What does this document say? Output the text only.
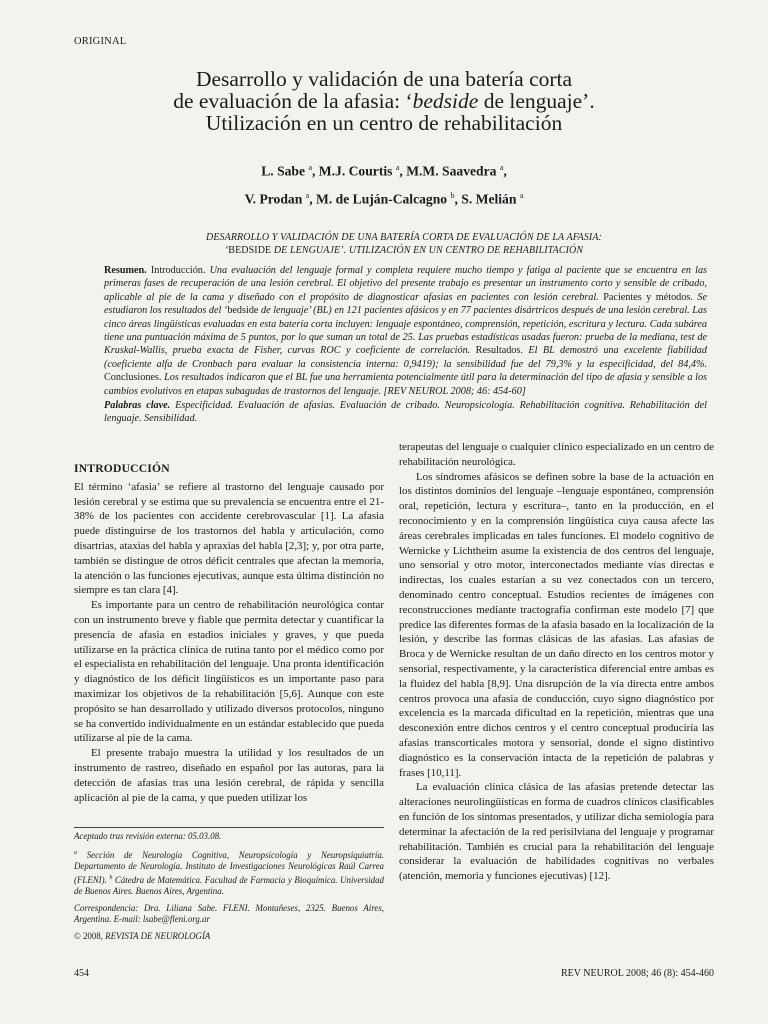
ORIGINAL
Desarrollo y validación de una batería corta
de evaluación de la afasia: ‘bedside de lenguaje’.
Utilización en un centro de rehabilitación
L. Sabe $^a$, M.J. Courtis $^a$, M.M. Saavedra $^a$,
V. Prodan $^a$, M. de Luján-Calcagno $^b$, S. Melián $^a$
DESARROLLO Y VALIDACIÓN DE UNA BATERÍA CORTA DE EVALUACIÓN DE LA AFASIA:
‘BEDSIDE DE LENGUAJE’. UTILIZACIÓN EN UN CENTRO DE REHABILITACIÓN

Resumen. Introducción. Una evaluación del lenguaje formal y completa requiere mucho tiempo y fatiga al paciente que se encuentra en las primeras fases de recuperación de una lesión cerebral. El objetivo del presente trabajo es presentar un instrumento corto y sensible de cribado, aplicable al pie de la cama y diseñado con el propósito de diagnosticar afasias en pacientes con lesión cerebral. Pacientes y métodos. Se estudiaron los resultados del ‘bedside de lenguaje’ (BL) en 121 pacientes afásicos y en 77 pacientes disártricos después de una lesión cerebral. Las cinco áreas lingüísticas evaluadas en esta batería corta incluyen: lenguaje espontáneo, comprensión, repetición, escritura y lectura. Cada subárea tiene una puntuación máxima de 5 puntos, por lo que suman un total de 25. Las pruebas estadísticas usadas fueron: prueba de la mediana, test de Kruskal-Wallis, prueba exacta de Fisher, curvas ROC y coeficiente de correlación. Resultados. El BL demostró una excelente fiabilidad (coeficiente alfa de Cronbach para evaluar la consistencia interna: 0,9419); la sensibilidad fue del 79,3% y la especificidad, del 84,4%. Conclusiones. Los resultados indicaron que el BL fue una herramienta potencialmente útil para la determinación del tipo de afasia y sensible a los cambios evolutivos en etapas subagudas de trastornos del lenguaje. [REV NEUROL 2008; 46: 454-60]

Palabras clave. Especificidad. Evaluación de afasias. Evaluación de cribado. Neuropsicología. Rehabilitación cognitiva. Rehabilitación del lenguaje. Sensibilidad.

INTRODUCCIÓN

El término ‘afasia’ se refiere al trastorno del lenguaje causado por lesión cerebral y se estima que su prevalencia se encuentra entre el 21-38% de los pacientes con accidente cerebrovascular [1]. La afasia puede distinguirse de los trastornos del habla y articulación, como disartrias, ataxias del habla y apraxias del habla [2,3]; y, por otra parte, también se distingue de otros déficit centrales que afectan la memoria, la atención o las funciones ejecutivas, aunque esta última distinción no siempre es tan clara [4].

Es importante para un centro de rehabilitación neurológica contar con un instrumento breve y fiable que permita detectar y cuantificar la presencia de afasia en estadios iniciales y graves, y que pueda utilizarse en la práctica clínica de rutina tanto por el médico como por el especialista en rehabilitación del lenguaje. Una pronta identificación y diagnóstico de los déficit lingüísticos es un importante paso para maximizar los objetivos de la rehabilitación [5,6]. Aunque con este propósito se han desarrollado y utilizado diversos protocolos, ninguno se ha convertido individualmente en un estándar establecido que pueda utilizarse al pie de la cama.

El presente trabajo muestra la utilidad y los resultados de un instrumento de rastreo, diseñado en español por las autoras, para la detección de afasias tras una lesión cerebral, de rápida y sencilla aplicación al pie de la cama, y que pueden utilizar los

Aceptado tras revisión externa: 05.03.08.

$^a$ Sección de Neurología Cognitiva, Neuropsicología y Neuropsiquiatría. Departamento de Neurología. Instituto de Investigaciones Neurológicas Raúl Carrea (FLENI). $^b$ Cátedra de Matemática. Facultad de Farmacia y Bioquímica. Universidad de Buenos Aires. Buenos Aires, Argentina.

Correspondencia: Dra. Liliana Sabe. FLENI. Montañeses, 2325. Buenos Aires, Argentina. E-mail: lsabe@fleni.org.ar

© 2008, REVISTA DE NEUROLOGÍA

terapeutas del lenguaje o cualquier clínico especializado en un centro de rehabilitación neurológica.

Los síndromes afásicos se definen sobre la base de la actuación en los distintos dominios del lenguaje –lenguaje espontáneo, comprensión oral, repetición, lectura y escritura–, tanto en la producción, en el reconocimiento y en la comprensión lingüística cuya causa afecte las áreas cerebrales implicadas en tales funciones. El modelo cognitivo de Wernicke y Lichtheim asume la existencia de dos centros del lenguaje, uno sensorial y otro motor, interconectados mediante vías directas e indirectas, los cuales estarían a su vez conectados con un tercero, denominado centro conceptual. Estudios recientes de imágenes con reconstrucciones mediante tractografía confirman este modelo [7] que predice las diferentes formas de la afasia basado en la localización de la lesión, y describe las formas clásicas de las afasias. Las afasias de Broca y de Wernicke resultan de un daño directo en los centros motor y sensorial, respectivamente, y la característica diferencial entre ambas es la fluidez del habla [8,9]. Una disrupción de la vía directa entre ambos centros provoca una afasia de conducción, cuyo signo diagnóstico por excelencia es la marcada dificultad en la repetición, mientras que una desconexión entre dichos centros y el centro conceptual produciría las afasias transcorticales motora y sensorial, donde el signo distintivo diagnóstico es la conservación intacta de la repetición de palabras y frases [10,11].

La evaluación clínica clásica de las afasias pretende detectar las alteraciones neurolingüísticas en forma de cuadros clínicos clasificables en función de los síntomas presentados, y utilizar dicha semiología para determinar la afectación de la red perisilviana del lenguaje y programar rehabilitación. También es crucial para la rehabilitación del lenguaje considerar la evaluación de habilidades cognitivas no verbales (atención, memoria y funciones ejecutivas) [12].

454	REV NEUROL 2008; 46 (8): 454-460
